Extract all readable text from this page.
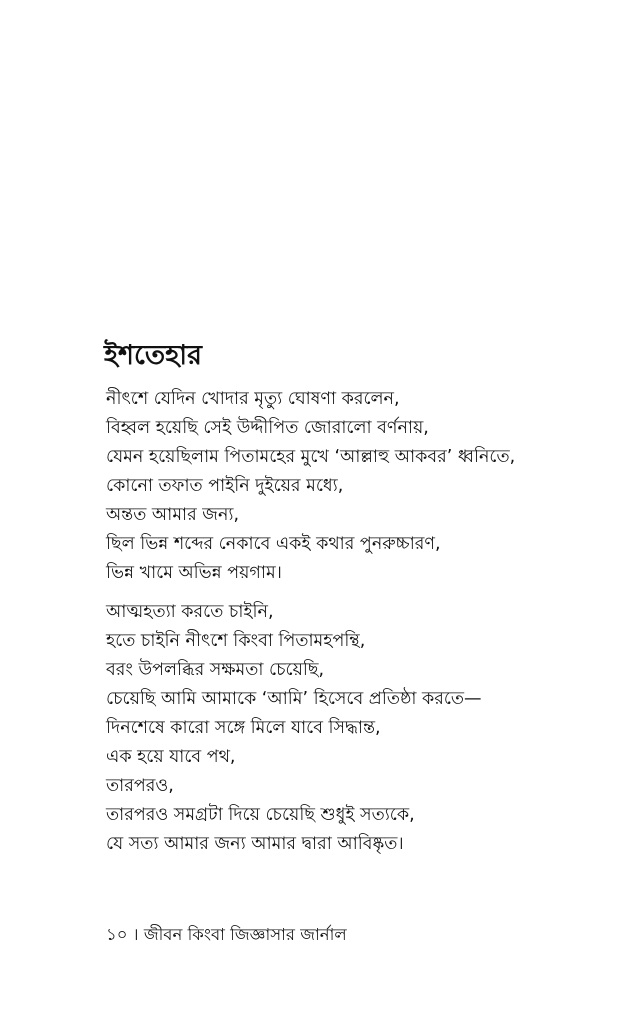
ইশতেহার
নীৎশে যেদিন খোদার মৃত্যু ঘোষণা করলেন,
বিহ্বল হয়েছি সেই উদ্দীপিত জোরালো বর্ণনায়,
যেমন হয়েছিলাম পিতামহের মুখে ‘আল্লাহু আকবর’ ধ্বনিতে,
কোনো তফাত পাইনি দুইয়ের মধ্যে,
অন্তত আমার জন্য,
ছিল ভিন্ন শব্দের নেকাবে একই কথার পুনরুচ্চারণ,
ভিন্ন খামে অভিন্ন পয়গাম।
আত্মহত্যা করতে চাইনি,
হতে চাইনি নীৎশে কিংবা পিতামহপন্থি,
বরং উপলব্ধির সক্ষমতা চেয়েছি,
চেয়েছি আমি আমাকে ‘আমি’ হিসেবে প্রতিষ্ঠা করতে—
দিনশেষে কারো সঙ্গে মিলে যাবে সিদ্ধান্ত,
এক হয়ে যাবে পথ,
তারপরও,
তারপরও সমগ্রটা দিয়ে চেয়েছি শুধুই সত্যকে,
যে সত্য আমার জন্য আমার দ্বারা আবিষ্কৃত।
১০ । জীবন কিংবা জিজ্ঞাসার জার্নাল
